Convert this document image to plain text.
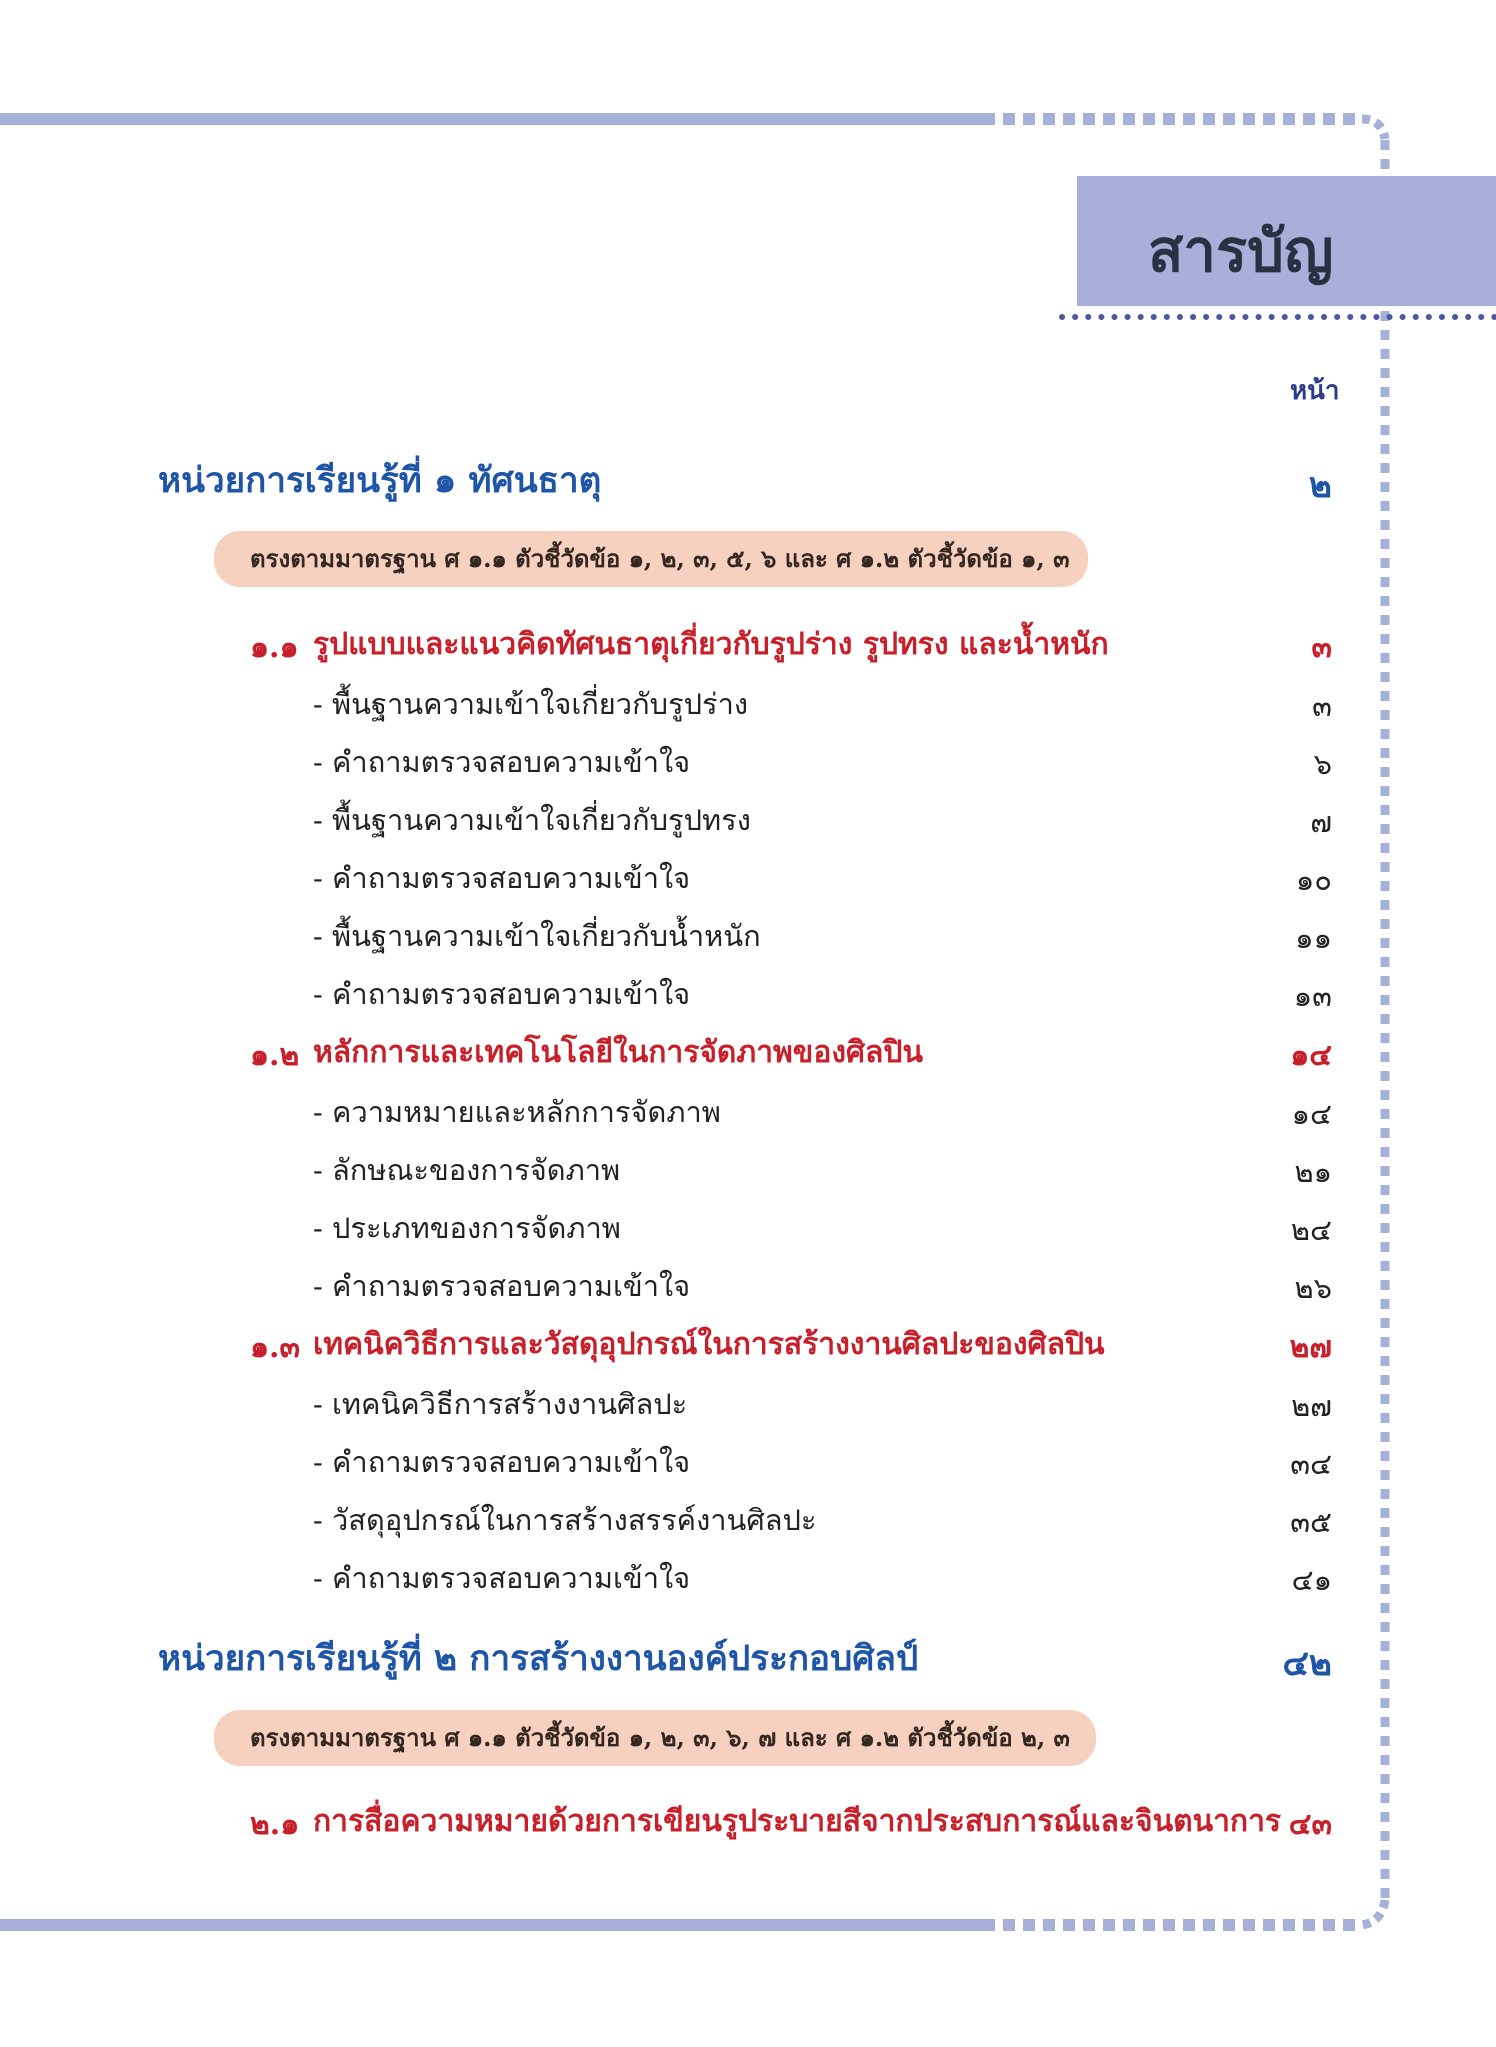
สารบัญ
หน้า
หน่วยการเรียนรู้ที่ ๑ ทัศนธาตุ	๒
ตรงตามมาตรฐาน ศ ๑.๑ ตัวชี้วัดข้อ ๑, ๒, ๓, ๕, ๖ และ ศ ๑.๒ ตัวชี้วัดข้อ ๑, ๓
๑.๑ รูปแบบและแนวคิดทัศนธาตุเกี่ยวกับรูปร่าง รูปทรง และน้ำหนัก	๓
- พื้นฐานความเข้าใจเกี่ยวกับรูปร่าง	๓
- คำถามตรวจสอบความเข้าใจ	๖
- พื้นฐานความเข้าใจเกี่ยวกับรูปทรง	๗
- คำถามตรวจสอบความเข้าใจ	๑๐
- พื้นฐานความเข้าใจเกี่ยวกับน้ำหนัก	๑๑
- คำถามตรวจสอบความเข้าใจ	๑๓
๑.๒ หลักการและเทคโนโลยีในการจัดภาพของศิลปิน	๑๔
- ความหมายและหลักการจัดภาพ	๑๔
- ลักษณะของการจัดภาพ	๒๑
- ประเภทของการจัดภาพ	๒๔
- คำถามตรวจสอบความเข้าใจ	๒๖
๑.๓ เทคนิควิธีการและวัสดุอุปกรณ์ในการสร้างงานศิลปะของศิลปิน	๒๗
- เทคนิควิธีการสร้างงานศิลปะ	๒๗
- คำถามตรวจสอบความเข้าใจ	๓๔
- วัสดุอุปกรณ์ในการสร้างสรรค์งานศิลปะ	๓๕
- คำถามตรวจสอบความเข้าใจ	๔๑
หน่วยการเรียนรู้ที่ ๒ การสร้างงานองค์ประกอบศิลป์	๔๒
ตรงตามมาตรฐาน ศ ๑.๑ ตัวชี้วัดข้อ ๑, ๒, ๓, ๖, ๗ และ ศ ๑.๒ ตัวชี้วัดข้อ ๒, ๓
๒.๑ การสื่อความหมายด้วยการเขียนรูประบายสีจากประสบการณ์และจินตนาการ ๔๓
